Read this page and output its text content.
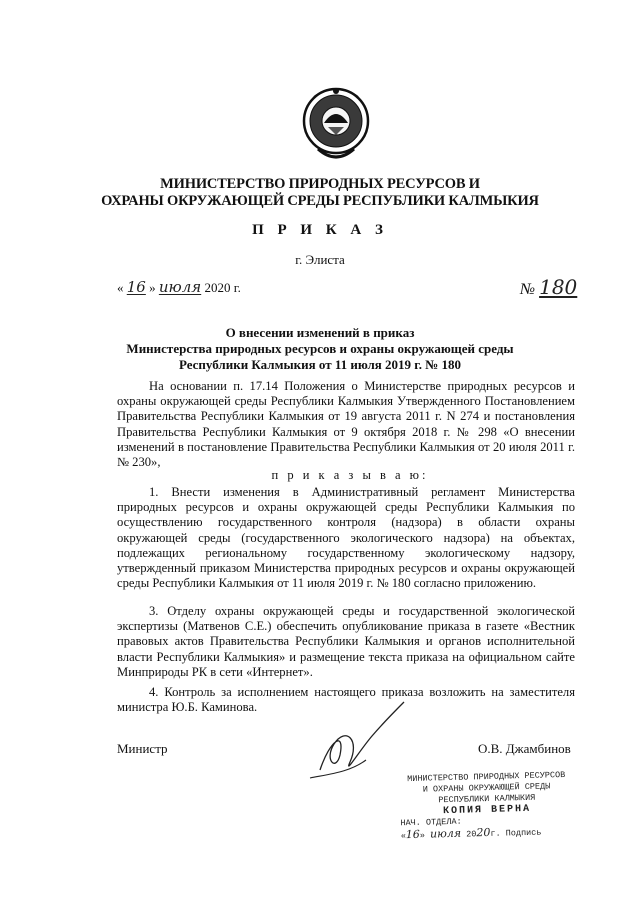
МИНИСТЕРСТВО ПРИРОДНЫХ РЕСУРСОВ И
ОХРАНЫ ОКРУЖАЮЩЕЙ СРЕДЫ РЕСПУБЛИКИ КАЛМЫКИЯ
П Р И К А З
г. Элиста
« 16 » июля 2020 г.	№ 180
О внесении изменений в приказ
Министерства природных ресурсов и охраны окружающей среды
Республики Калмыкия от 11 июля 2019 г. № 180

На основании п. 17.14 Положения о Министерстве природных ресурсов и охраны окружающей среды Республики Калмыкия Утвержденного Постановлением Правительства Республики Калмыкия от 19 августа 2011 г. N 274 и постановления Правительства Республики Калмыкия от 9 октября 2018 г. № 298 «О внесении изменений в постановление Правительства Республики Калмыкия от 20 июля 2011 г. № 230»,

п р и к а з ы в а ю:

1. Внести изменения в Административный регламент Министерства природных ресурсов и охраны окружающей среды Республики Калмыкия по осуществлению государственного контроля (надзора) в области охраны окружающей среды (государственного экологического надзора) на объектах, подлежащих региональному государственному экологическому надзору, утвержденный приказом Министерства природных ресурсов и охраны окружающей среды Республики Калмыкия от 11 июля 2019 г. № 180 согласно приложению.

3. Отделу охраны окружающей среды и государственной экологической экспертизы (Матвенов С.Е.) обеспечить опубликование приказа в газете «Вестник правовых актов Правительства Республики Калмыкия и органов исполнительной власти Республики Калмыкия» и размещение текста приказа на официальном сайте Минприроды РК в сети «Интернет».

4. Контроль за исполнением настоящего приказа возложить на заместителя министра Ю.Б. Каминова.

Министр	О.В. Джамбинов
МИНИСТЕРСТВО ПРИРОДНЫХ РЕСУРСОВ
И ОХРАНЫ ОКРУЖАЮЩЕЙ СРЕДЫ
РЕСПУБЛИКИ КАЛМЫКИЯ
КОПИЯ ВЕРНА
НАЧ. ОТДЕЛА:
«16» июля 2020г. Подпись
